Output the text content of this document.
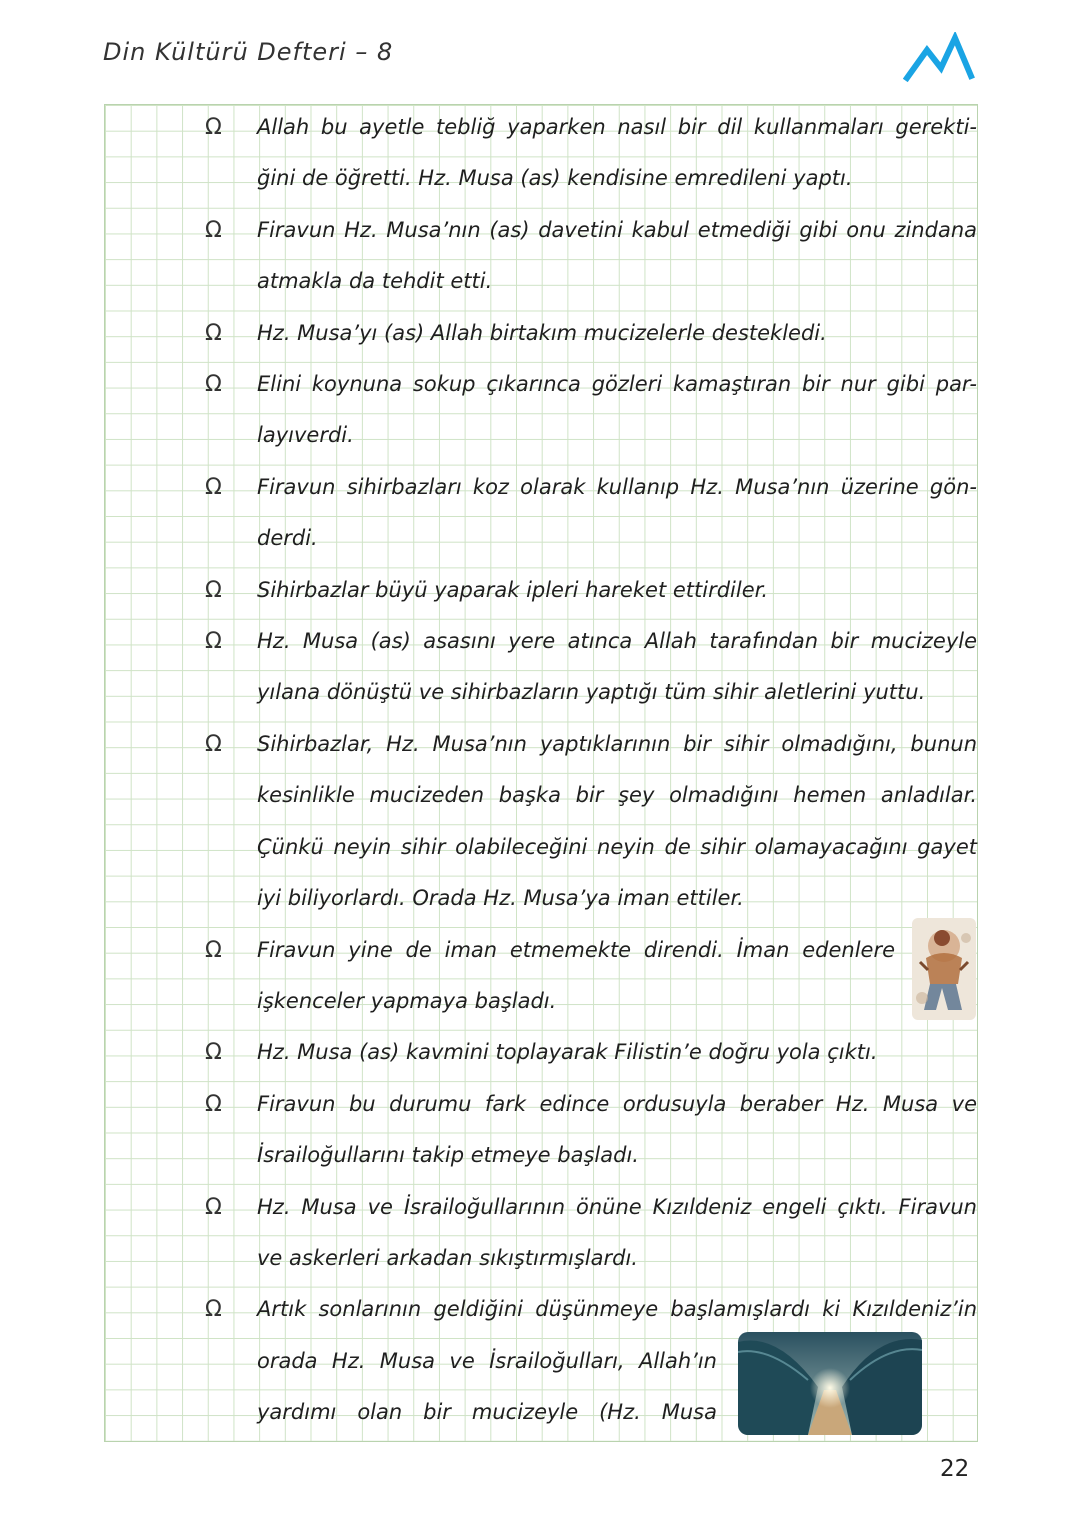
Din Kültürü Defteri – 8
Ω	Allah bu ayetle tebliğ yaparken nasıl bir dil kullanmaları gerekti-
ğini de öğretti. Hz. Musa (as) kendisine emredileni yaptı.
Ω	Firavun Hz. Musa’nın (as) davetini kabul etmediği gibi onu zindana
atmakla da tehdit etti.
Ω	Hz. Musa’yı (as) Allah birtakım mucizelerle destekledi.
Ω	Elini koynuna sokup çıkarınca gözleri kamaştıran bir nur gibi par-
layıverdi.
Ω	Firavun sihirbazları koz olarak kullanıp Hz. Musa’nın üzerine gön-
derdi.
Ω	Sihirbazlar büyü yaparak ipleri hareket ettirdiler.
Ω	Hz. Musa (as) asasını yere atınca Allah tarafından bir mucizeyle
yılana dönüştü ve sihirbazların yaptığı tüm sihir aletlerini yuttu.
Ω	Sihirbazlar, Hz. Musa’nın yaptıklarının bir sihir olmadığını, bunun
kesinlikle mucizeden başka bir şey olmadığını hemen anladılar.
Çünkü neyin sihir olabileceğini neyin de sihir olamayacağını gayet
iyi biliyorlardı. Orada Hz. Musa’ya iman ettiler.
Ω	Firavun yine de iman etmemekte direndi. İman edenlere
işkenceler yapmaya başladı.
Ω	Hz. Musa (as) kavmini toplayarak Filistin’e doğru yola çıktı.
Ω	Firavun bu durumu fark edince ordusuyla beraber Hz. Musa ve
İsrailoğullarını takip etmeye başladı.
Ω	Hz. Musa ve İsrailoğullarının önüne Kızıldeniz engeli çıktı. Firavun
ve askerleri arkadan sıkıştırmışlardı.
Ω	Artık sonlarının geldiğini düşünmeye başlamışlardı ki Kızıldeniz’in
orada Hz. Musa ve İsrailoğulları, Allah’ın
yardımı olan bir mucizeyle (Hz. Musa
22
